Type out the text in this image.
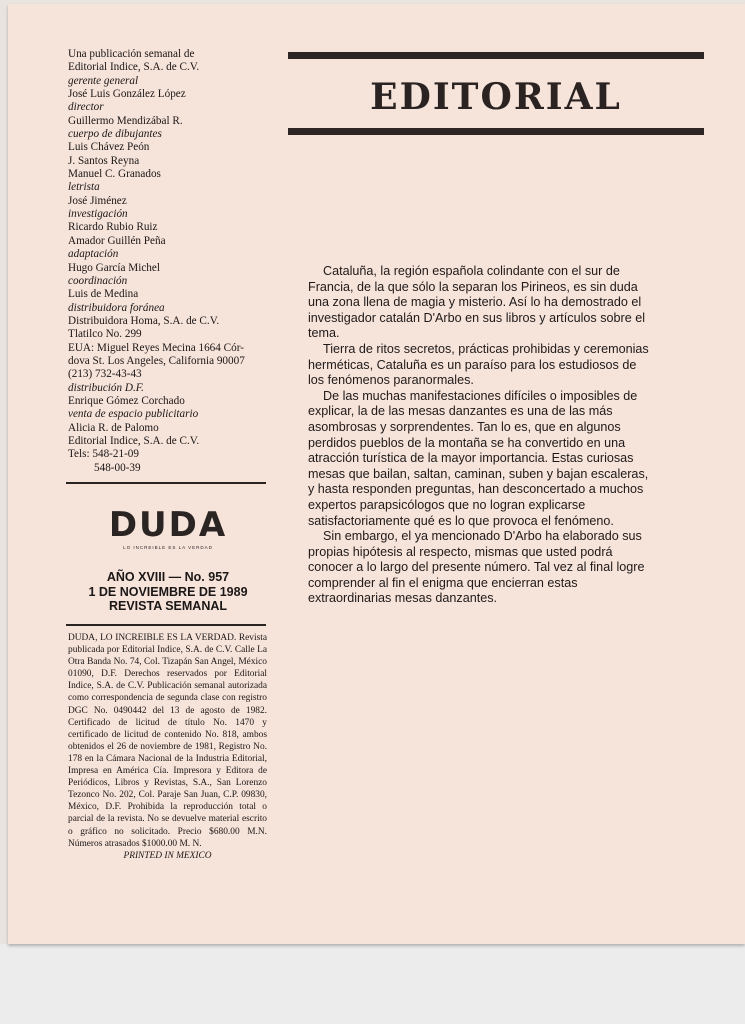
Una publicación semanal de
Editorial Indice, S.A. de C.V.
gerente general
José Luis González López
director
Guillermo Mendizábal R.
cuerpo de dibujantes
Luis Chávez Peón
J. Santos Reyna
Manuel C. Granados
letrista
José Jiménez
investigación
Ricardo Rubio Ruiz
Amador Guillén Peña
adaptación
Hugo García Michel
coordinación
Luis de Medina
distribuidora foránea
Distribuidora Homa, S.A. de C.V.
Tlatilco No. 299
EUA: Miguel Reyes Mecina 1664 Cór-
dova St. Los Angeles, California 90007
(213) 732-43-43
distribución D.F.
Enrique Gómez Corchado
venta de espacio publicitario
Alicia R. de Palomo
Editorial Indice, S.A. de C.V.
Tels: 548-21-09
548-00-39
DUDA
LO INCREIBLE ES LA VERDAD
AÑO XVIII — No. 957
1 DE NOVIEMBRE DE 1989
REVISTA SEMANAL
DUDA, LO INCREIBLE ES LA VERDAD. Revista publicada por Editorial Indice, S.A. de C.V. Calle La Otra Banda No. 74, Col. Tizapán San Angel, México 01090, D.F. Derechos reservados por Editorial Indice, S.A. de C.V. Publicación semanal autorizada como correspondencia de segunda clase con registro DGC No. 0490442 del 13 de agosto de 1982. Certificado de licitud de título No. 1470 y certificado de licitud de contenido No. 818, ambos obtenidos el 26 de noviembre de 1981, Registro No. 178 en la Cámara Nacional de la Industria Editorial, Impresa en América Cía. Impresora y Editora de Periódicos, Libros y Revistas, S.A., San Lorenzo Tezonco No. 202, Col. Paraje San Juan, C.P. 09830, México, D.F. Prohibida la reproducción total o parcial de la revista. No se devuelve material escrito o gráfico no solicitado. Precio $680.00 M.N. Números atrasados $1000.00 M. N.
PRINTED IN MEXICO
EDITORIAL

Cataluña, la región española colindante con el sur de Francia, de la que sólo la separan los Pirineos, es sin duda una zona llena de magia y misterio. Así lo ha demostrado el investigador catalán D'Arbo en sus libros y artículos sobre el tema.

Tierra de ritos secretos, prácticas prohibidas y ceremonias herméticas, Cataluña es un paraíso para los estudiosos de los fenómenos paranormales.

De las muchas manifestaciones difíciles o imposibles de explicar, la de las mesas danzantes es una de las más asombrosas y sorprendentes. Tan lo es, que en algunos perdidos pueblos de la montaña se ha convertido en una atracción turística de la mayor importancia. Estas curiosas mesas que bailan, saltan, caminan, suben y bajan escaleras, y hasta responden preguntas, han desconcertado a muchos expertos parapsicólogos que no logran explicarse satisfactoriamente qué es lo que provoca el fenómeno.

Sin embargo, el ya mencionado D'Arbo ha elaborado sus propias hipótesis al respecto, mismas que usted podrá conocer a lo largo del presente número. Tal vez al final logre comprender al fin el enigma que encierran estas extraordinarias mesas danzantes.
